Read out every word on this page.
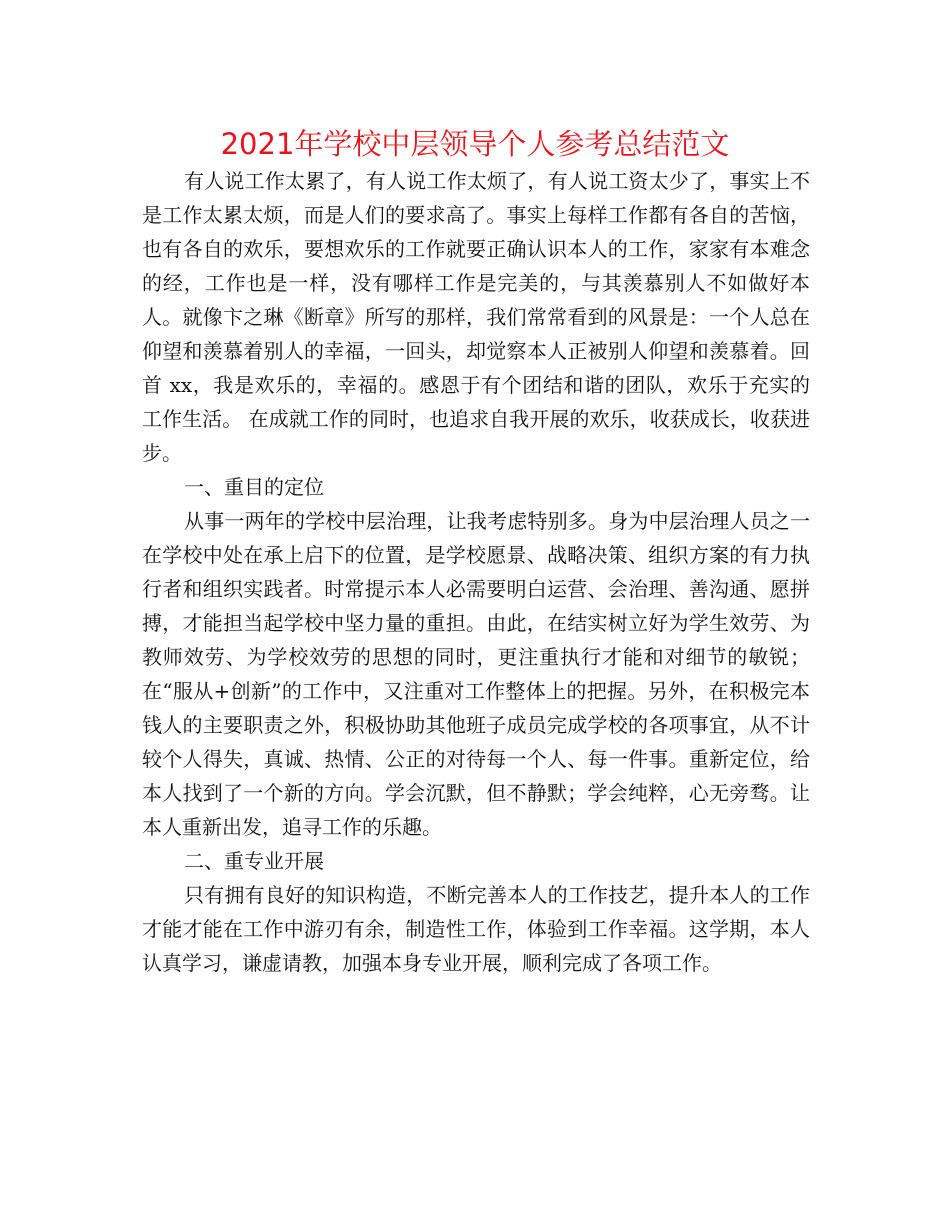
2021年学校中层领导个人参考总结范文

有人说工作太累了，有人说工作太烦了，有人说工资太少了，事实上不是工作太累太烦，而是人们的要求高了。事实上每样工作都有各自的苦恼，也有各自的欢乐，要想欢乐的工作就要正确认识本人的工作，家家有本难念的经，工作也是一样，没有哪样工作是完美的，与其羡慕别人不如做好本人。就像卞之琳《断章》所写的那样，我们常常看到的风景是：一个人总在仰望和羡慕着别人的幸福，一回头，却觉察本人正被别人仰望和羡慕着。回首 xx，我是欢乐的，幸福的。感恩于有个团结和谐的团队，欢乐于充实的工作生活。 在成就工作的同时，也追求自我开展的欢乐，收获成长，收获进步。

一、重目的定位

从事一两年的学校中层治理，让我考虑特别多。身为中层治理人员之一在学校中处在承上启下的位置，是学校愿景、战略决策、组织方案的有力执行者和组织实践者。时常提示本人必需要明白运营、会治理、善沟通、愿拼搏，才能担当起学校中坚力量的重担。由此，在结实树立好为学生效劳、为教师效劳、为学校效劳的思想的同时，更注重执行才能和对细节的敏锐；在“服从+创新”的工作中，又注重对工作整体上的把握。另外，在积极完本钱人的主要职责之外，积极协助其他班子成员完成学校的各项事宜，从不计较个人得失，真诚、热情、公正的对待每一个人、每一件事。重新定位，给本人找到了一个新的方向。学会沉默，但不静默；学会纯粹，心无旁骛。让本人重新出发，追寻工作的乐趣。

二、重专业开展

只有拥有良好的知识构造，不断完善本人的工作技艺，提升本人的工作才能才能在工作中游刃有余，制造性工作，体验到工作幸福。这学期，本人认真学习，谦虚请教，加强本身专业开展，顺利完成了各项工作。
